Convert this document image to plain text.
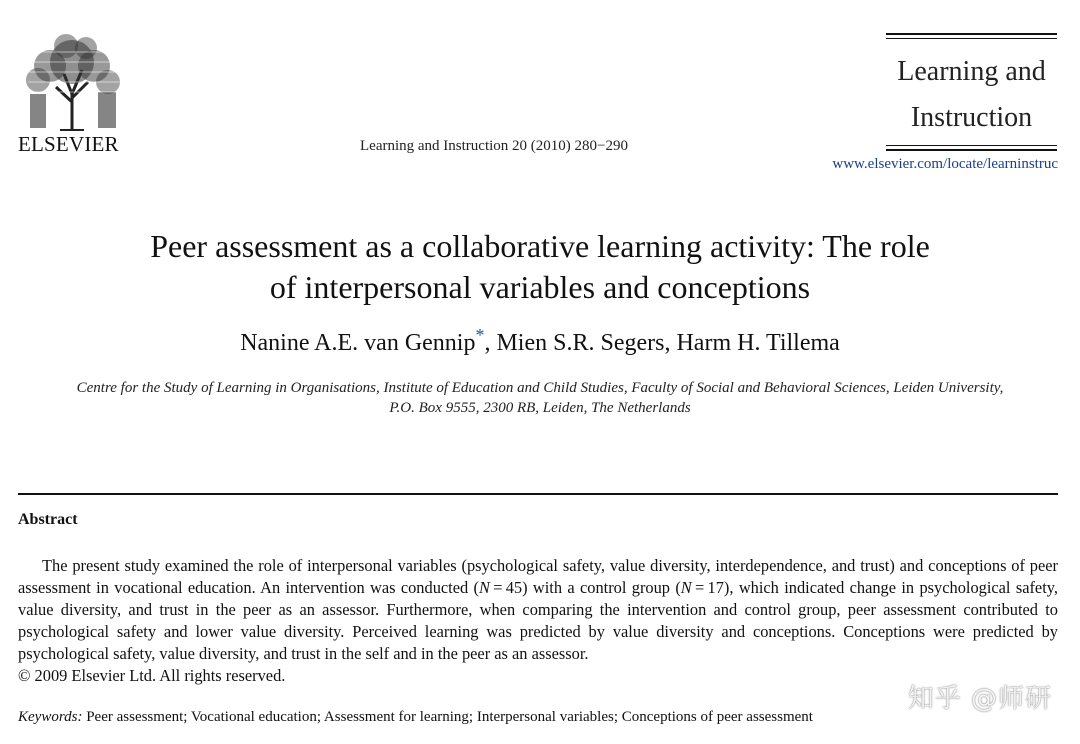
ELSEVIER	Learning and Instruction 20 (2010) 280−290
Learning and
Instruction
www.elsevier.com/locate/learninstruc
Peer assessment as a collaborative learning activity: The role
of interpersonal variables and conceptions
Nanine A.E. van Gennip*, Mien S.R. Segers, Harm H. Tillema
Centre for the Study of Learning in Organisations, Institute of Education and Child Studies, Faculty of Social and Behavioral Sciences, Leiden University,
P.O. Box 9555, 2300 RB, Leiden, The Netherlands
Abstract
The present study examined the role of interpersonal variables (psychological safety, value diversity, interdependence, and trust) and conceptions of peer assessment in vocational education. An intervention was conducted (N = 45) with a control group (N = 17), which indicated change in psychological safety, value diversity, and trust in the peer as an assessor. Furthermore, when comparing the intervention and control group, peer assessment contributed to psychological safety and lower value diversity. Perceived learning was predicted by value diversity and conceptions. Conceptions were predicted by psychological safety, value diversity, and trust in the self and in the peer as an assessor.
© 2009 Elsevier Ltd. All rights reserved.
Keywords: Peer assessment; Vocational education; Assessment for learning; Interpersonal variables; Conceptions of peer assessment
知乎 @师研
